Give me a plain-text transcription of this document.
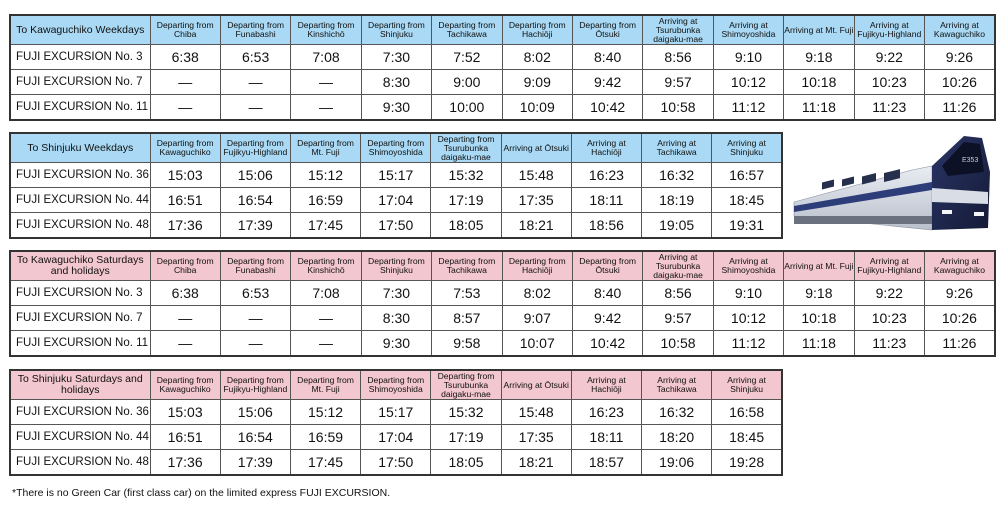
To Kawaguchiko Weekdays	Departing from Chiba	Departing from Funabashi	Departing from Kinshichō	Departing from Shinjuku	Departing from Tachikawa	Departing from Hachiōji	Departing from Ōtsuki	Arriving at Tsurubunka daigaku-mae	Arriving at Shimoyoshida	Arriving at Mt. Fuji	Arriving at Fujikyu-Highland	Arriving at Kawaguchiko
FUJI EXCURSION No. 3	6:38	6:53	7:08	7:30	7:52	8:02	8:40	8:56	9:10	9:18	9:22	9:26
FUJI EXCURSION No. 7	—	—	—	8:30	9:00	9:09	9:42	9:57	10:12	10:18	10:23	10:26
FUJI EXCURSION No. 11	—	—	—	9:30	10:00	10:09	10:42	10:58	11:12	11:18	11:23	11:26
To Shinjuku Weekdays	Departing from Kawaguchiko	Departing from Fujikyu-Highland	Departing from Mt. Fuji	Departing from Shimoyoshida	Departing from Tsurubunka daigaku-mae	Arriving at Ōtsuki	Arriving at Hachiōji	Arriving at Tachikawa	Arriving at Shinjuku
FUJI EXCURSION No. 36	15:03	15:06	15:12	15:17	15:32	15:48	16:23	16:32	16:57
FUJI EXCURSION No. 44	16:51	16:54	16:59	17:04	17:19	17:35	18:11	18:19	18:45
FUJI EXCURSION No. 48	17:36	17:39	17:45	17:50	18:05	18:21	18:56	19:05	19:31
To Kawaguchiko Saturdays and holidays	Departing from Chiba	Departing from Funabashi	Departing from Kinshichō	Departing from Shinjuku	Departing from Tachikawa	Departing from Hachiōji	Departing from Ōtsuki	Arriving at Tsurubunka daigaku-mae	Arriving at Shimoyoshida	Arriving at Mt. Fuji	Arriving at Fujikyu-Highland	Arriving at Kawaguchiko
FUJI EXCURSION No. 3	6:38	6:53	7:08	7:30	7:53	8:02	8:40	8:56	9:10	9:18	9:22	9:26
FUJI EXCURSION No. 7	—	—	—	8:30	8:57	9:07	9:42	9:57	10:12	10:18	10:23	10:26
FUJI EXCURSION No. 11	—	—	—	9:30	9:58	10:07	10:42	10:58	11:12	11:18	11:23	11:26
To Shinjuku Saturdays and holidays	Departing from Kawaguchiko	Departing from Fujikyu-Highland	Departing from Mt. Fuji	Departing from Shimoyoshida	Departing from Tsurubunka daigaku-mae	Arriving at Ōtsuki	Arriving at Hachiōji	Arriving at Tachikawa	Arriving at Shinjuku
FUJI EXCURSION No. 36	15:03	15:06	15:12	15:17	15:32	15:48	16:23	16:32	16:58
FUJI EXCURSION No. 44	16:51	16:54	16:59	17:04	17:19	17:35	18:11	18:20	18:45
FUJI EXCURSION No. 48	17:36	17:39	17:45	17:50	18:05	18:21	18:57	19:06	19:28
E353
*There is no Green Car (first class car) on the limited express FUJI EXCURSION.
